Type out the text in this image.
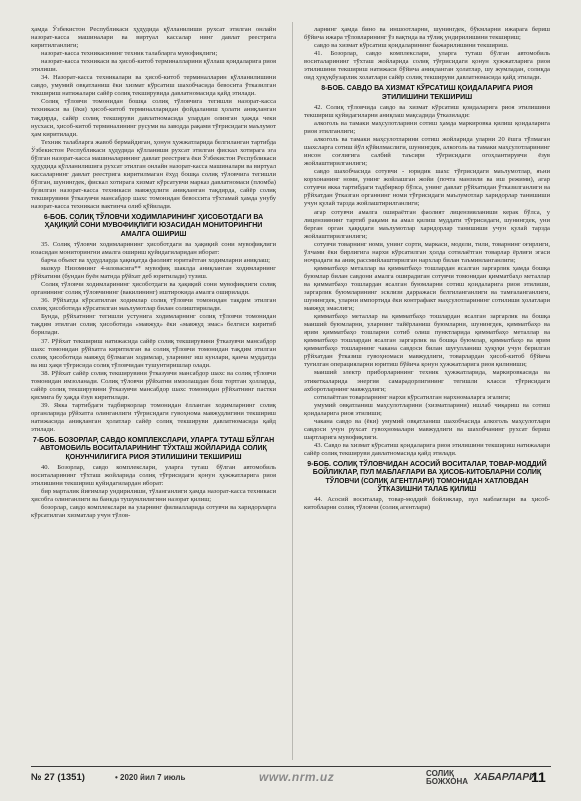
ҳамда Ўзбекистон Республикаси ҳудудида қўлланилиши рухсат этилган онлайн назорат-касса машиналари ва виртуал кассалар нинг давлат реестрига киритилганлиги;

назорат-касса техникасининг техник талабларга мувофиқлиги;

назорат-касса техникаси ва ҳисоб-китоб терминалларини қўллаш қоидаларига риоя этилиши.

34. Назорат-касса техникалари ва ҳисоб-китоб терминалларин қўлланилишини савдо, умумий овқатланиш ёки хизмат кўрсатиш шахобчасида бевосита ўтказилган текшириш натижалари сайёр солиқ текширувида давлатномасида қайд этилади.

Солиқ тўловчи томонидан бошқа солиқ тўловчига тегишли назорат-касса техникаси ва (ёки) ҳисоб-китоб терминалларидан фойдаланиш ҳолати аниқланган тақдирда, сайёр солиқ текшируви давлатномасида улардан олинган ҳажда чеки нусхаси, ҳисоб-китоб терминалининг русуми ва заводда рақами тўғрисидаги маълумот ҳам киритилади.

Техник талабларга жавоб бермайдиган, ҳонун ҳужжатларида белгиланган тартибда Ўзбекистон Республикаси ҳудудида қўлланиши рухсат этилган фискал хотирага эга бўлган назорат-касса машиналарининг давлат реестрига ёки Ўзбекистон Республикаси ҳудудида қўлланилишига рухсат этилган онлайн назорат-касса машиналари ва виртуал кассаларнинг давлат реестрига киритилмаган ёхуд бошқа солиқ тўловчига тегишли бўлган, шунингдек, фискал хотирага хизмат кўрсатувчи марказ давлатномаси (пломба) бузилган назорат-касса техникаси мавжудлиги аниқланган тақдирда, сайёр солиқ текширувини ўтказувчи мансабдор шахс томонидан бевоссита тўхтамай ҳамда унубу назорат-касса техникаси вактинча олиб қўйилади.

6-БОБ. СОЛИҚ ТЎЛОВЧИ ХОДИМЛАРИНИНГ ҲИСОБОТДАГИ ВА ҲАҚИҚИЙ СОНИ МУВОФИҚЛИГИ ЮЗАСИДАН МОНИТОРИНГНИ АМАЛГА ОШИРИШ

35. Солиқ тўловчи ходимларининг ҳисоботдаги ва ҳақиқий сони мувофиқлиги юзасидан мониторингни амалга ошириш қуйидагиларидан иборат:

барча объект ва ҳудудларда ҳақиқатда фаолият юритаётган ходимларни аниқлаш;

мазкур Низомнинг 4-иловасига** мувофиқ шаклда аниқланган ходимларнинг рўйхатини (бундан буён матнда рўйхат деб юритилади) тузиш.

Солиқ тўловчи ходимларининг ҳисоботдаги ва ҳақиқий сони мувофиқлиги солиқ органининг солиқ тўловчининг (вакилининг) иштирокида амалга оширилади.

36. Рўйхатда кўрсатилган ходимлар солиқ тўловчи томонидан тақдим этилган солиқ ҳисоботида кўрсатилган маълумотлар билан солиштирилади.

Бунда, рўйхатнинг тегишли устунига ходимларнинг солиқ тўловчи томонидан тақдим этилган солиқ ҳисоботида «мавжуд» ёки «мавжуд эмас» белгиси киритиб борилади.

37. Рўйхат текшириш натижасида сайёр солиқ текширувини ўтказувчи мансабдор шахс томонидан рўйхатга киритилган ва солиқ тўловчи томонидан тақдим этилган солиқ ҳисоботида мавжуд бўлмаган ходимлар, уларнинг иш кунлари, қанча муддатда ва иш ҳақи тўғрисида солиқ тўловчидан тушунтиришлар олади.

38. Рўйхат сайёр солиқ текширувини ўтказувчи мансабдор шахс ва солиқ тўловчи томонидан имзоланади. Солиқ тўловчи рўйхатни имзолашдан бош тортган ҳолларда, сайёр солиқ текширувини ўтказувчи мансабдор шахс томонидан рўйхатнинг пастки қисмига бу ҳақда ёзув киритилади.

39. Якка тартибдаги тадбиркорлар томонидан ёлланган ходимларнинг солиқ органларида рўйхатга олинганлиги тўғрисидаги гувоҳнома мавжудлигини текшириш натижасида аниқланган ҳолатлар сайёр солиқ текшируви давлатномасида қайд этилади.

7-БОБ. БОЗОРЛАР, САВДО КОМПЛЕКСЛАРИ, УЛАРГА ТУТАШ БЎЛГАН АВТОМОБИЛЬ ВОСИТАЛАРИНИНГ ТЎХТАШ ЖОЙЛАРИДА СОЛИҚ ҚОНУНЧИЛИГИГА РИОЯ ЭТИЛИШИНИ ТЕКШИРИШ

40. Бозорлар, савдо комплекслари, уларга туташ бўлган автомобиль воситаларининг тўхташ жойларида солиқ тўғрисидаги қонун ҳужжатларига риоя этилишини текшириш қуйидагилардан иборат:

бир марталик йиғимлар ундирилиши, тўланганлиги ҳамда назорат-касса техникаси ҳисобга олинганлиги ва банкда тушумлилигини назорат қилиш;

бозорлар, савдо комплекслари ва уларнинг филиалларида сотувчи ва харидорларга кўрсатилган хизматлар учун тўлов-

ларнинг ҳамда бино ва иншоотларни, шунингдек, бўкмларни ижарага бериш бўйича ижара тўловларининг ўз вақтида ва тўлиқ ундирилишини текшириш;

савдо ва хизмат кўрсатиш қоидаларининг бажарилишини текшириш.

41. Бозорлар, савдо комплекслари, уларга туташ бўлган автомобиль воситаларининг тўхташ жойларида солиқ тўғрисидаги қонун ҳужжатларига риоя этилишини текшириш натижаси бўйича аниқланган ҳолатлар, шу жумладан, солиқда оид ҳуқуқбузарлик холатлари сайёр солиқ текшируви давлатномасида қайд этилади.

8-БОБ. САВДО ВА ХИЗМАТ КЎРСАТИШ ҚОИДАЛАРИГА РИОЯ ЭТИЛИШИНИ ТЕКШИРИШ

42. Солиқ тўловчида савдо ва хизмат кўрсатиш қоидаларига риоя этилишини текшириш қуйидагиларни аниқлаш мақсадида ўтказилади:

алкоголь ва тамаки маҳсулотларини сотиш ҳамда маркировка қилиш қоидаларига риоя этилганлиги;

алкоголь ва тамаки маҳсулотларини сотиш жойларида уларни 20 ёшга тўлмаган шахсларга сотиш йўл қўйилмаслиги, шунингдек, алкоголь ва тамаки маҳсулотларининг инсон соғлиғига салбий таъсири тўғрисидаги огоҳлантирувчи ёзув жойлаштирилганлиги;

савдо шахобчасида сотувчи - юридик шахс тўғрисидаги маълумотлар, яъни корхонанинг номи, унинг жойлашган жойи (почта манзили ва иш режими), агар сотувчи якка тартибдаги тадбиркор бўлса, унинг давлат рўйхатидан ўтказилганлиги ва рўйхатдан ўтказган органнинг номи тўғрисидаги маълумотлар харидорлар танишиши учун қулай тарзда жойлаштирилганлиги;

агар сотувчи амалга ошираётган фаолият лицензияланиши керак бўлса, у лицензиянинг тартиб рақами ва амал қилиш муддати тўғрисидаги, шунингдек, уни берган орган ҳақидаги маълумотлар харидорлар танишиши учун қулай тарзда жойлаштирилганлиги;

сотувчи товарнинг номи, унинг сорти, маркаси, модели, тили, товарнинг оғирлиги, ўлчами ёки бирлигига нархи кўрсатилган ҳолда сотилаётган товарлар ёрлиғи эгаси ночрадаги ва аниқ рассмийлаштирилган нархлар билан таъминланганлиги;

қимматбаҳо металлар ва қимматбаҳо тошлардан ясалган заргарлик ҳамда бошқа буюмлар билан савдони амалга оширадиган сотувчи томонидан қимматбаҳо металлар ва қимматбаҳо тошлардан ясалган буюмларни сотиш қоидаларига риоя этилиши, заргарлик буюмларининг эсклизи дарражаси белгиланганлиги ва тамғаланганлиги, шунингдек, уларни импортида ёки контрафакт маҳсулотларининг сотилиши ҳолатлари мавжуд эмаслиги;

қимматбаҳо металлар ва қимматбаҳо тошлардан ясалган заргарлик ва бошқа маиший буюмларни, уларнинг тайёрланиш буюмларни, шунингдек, қимматбаҳо ва ярим қимматбаҳо тошларни сотиб олиш пунктларида қимматбаҳо металлар ва қимматбаҳо тошлардан ясалган заргарлик ва бошқа буюмлар, қимматбаҳо ва ярим қимматбаҳо тошларнинг чакана савдоси билан шуғулланиш ҳуқуқи учун берилган рўйхатдан ўтказиш гувоҳномаси мавжудлиги, товарлардан ҳисоб-китоб бўйича туғилган операцияларни юритиш бўйича қонун ҳужжатларига риоя қилиниши;

маиший электр приборларининг техник ҳужжатларида, маркировкасида ва этикеткаларида энергия самарадорлигининг тегишли класси тўғрисидаги ахборотларнинг мавжудлиги;

сотилаётган товарларнинг нархи кўрсатилган нархномаларга эгалиги;

умумий овқатланиш маҳсулотларини (хизматларини) ишлаб чиқариш ва сотиш қоидаларига риоя этилиши;

чакана савдо ва (ёки) умумий овқатланиш шахобчасида алкоголь маҳсулотлари савдоси учун рухсат гувоҳномалари мавжудлиги ва шахобчанинг рухсат бериш шартларига мувофиқлиги.

43. Савдо ва хизмат кўрсатиш қоидаларига риоя этилишини текшириш натижалари сайёр солиқ текшируви давлатномасида қайд этилади.

9-БОБ. СОЛИҚ ТЎЛОВЧИДАН АСОСИЙ ВОСИТАЛАР, ТОВАР-МОДДИЙ БОЙЛИКЛАР, ПУЛ МАБЛАҒЛАРИ ВА ҲИСОБ-КИТОБЛАРНИ СОЛИҚ ТЎЛОВЧИ (СОЛИҚ АГЕНТЛАРИ) ТОМОНИДАН ХАТЛОВДАН ЎТКАЗИШНИ ТАЛАБ ҚИЛИШ

44. Асосий воситалар, товар-моддий бойликлар, пул маблағлари ва ҳисоб-китобларни солиқ тўловчи (солиқ агентлари)

№ 27 (1351)	• 2020 йил 7 июль	www.nrm.uz	СОЛИҚ
БОЖХОНА ХАБАРЛАРИ
11
